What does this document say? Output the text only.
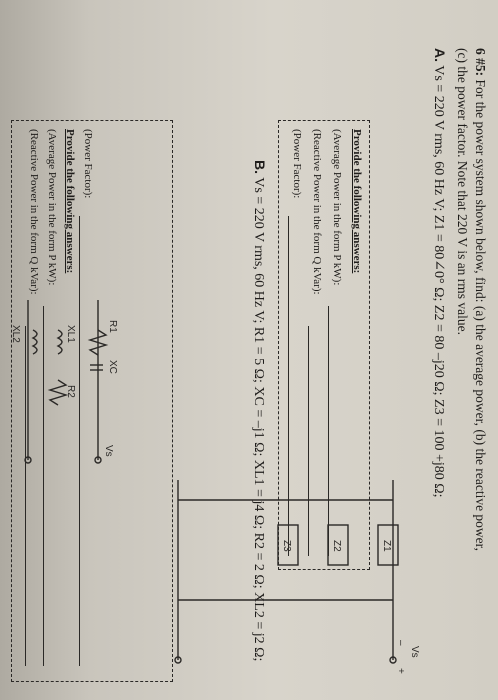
6 #5: For the power system shown below, find: (a) the average power, (b) the reactive power,
(c) the power factor. Note that 220 V is an rms value.
A. Vs = 220 V rms, 60 Hz V; Z1 = 80∠0° Ω; Z2 = 80 –j20 Ω; Z3 = 100 +j80 Ω;
Provide the following answers:
(Average Power in the form P kW):
(Reactive Power in the form Q kVar):
(Power Factor):
B. Vs = 220 V rms, 60 Hz V; R1 = 5 Ω; XC = –j1 Ω; XL1 = j4 Ω; R2 = 2 Ω; XL2 = j2 Ω;
Provide the following answers:
(Average Power in the form P kW):
(Reactive Power in the form Q kVar):	(Power Factor):
Z1
Z2
Z3
Vs
+
–
R1
XC
XL1
R2
XL2
Vs
